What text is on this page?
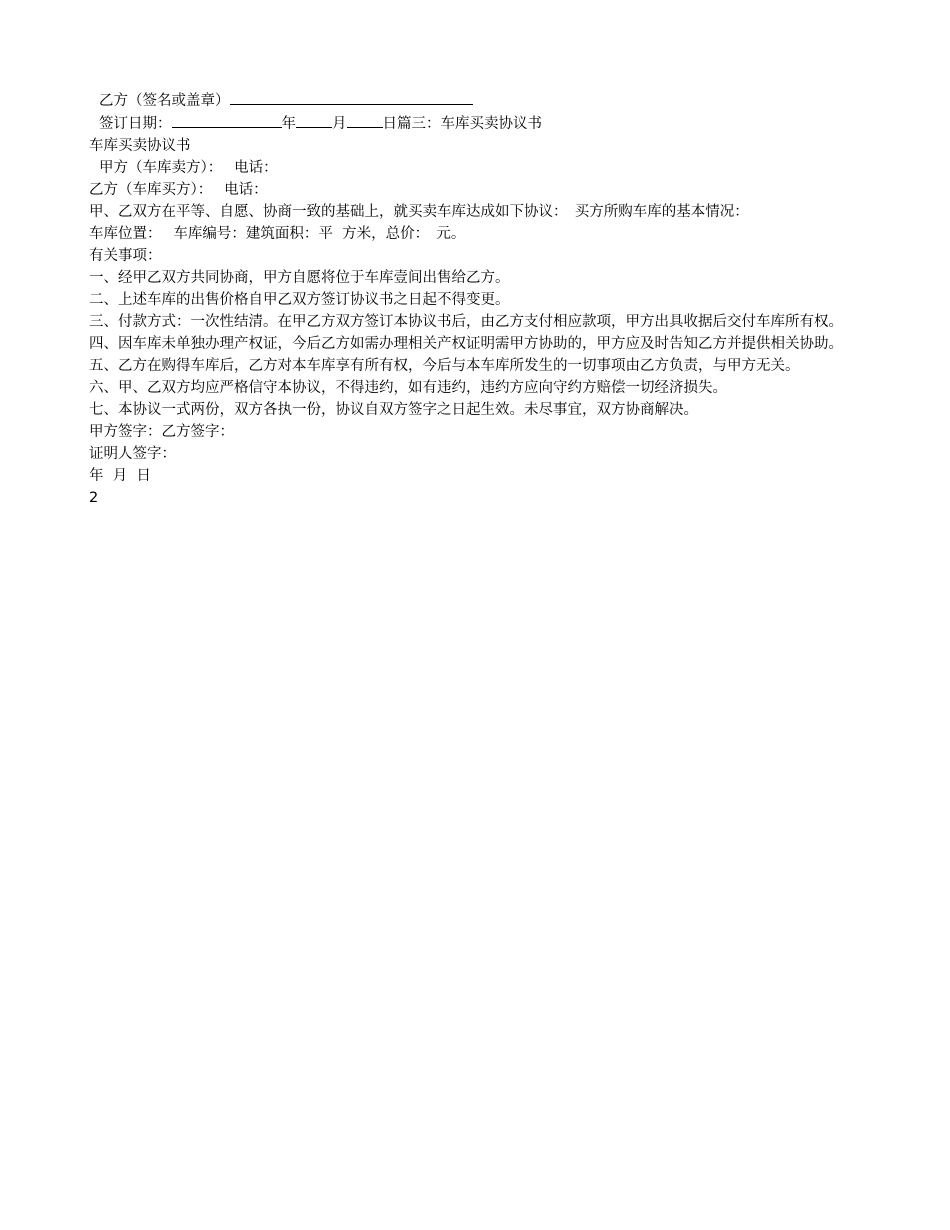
乙方（签名或盖章）

签订日期：	年 月 日篇三：车库买卖协议书

车库买卖协议书

甲方（车库卖方）：　 电话：

乙方（车库买方）：　 电话：

甲、乙双方在平等、自愿、协商一致的基础上，就买卖车库达成如下协议：　买方所购车库的基本情况：

车库位置：　 车库编号：建筑面积：平  方米，总价：　元。

有关事项：

一、经甲乙双方共同协商，甲方自愿将位于车库壹间出售给乙方。

二、上述车库的出售价格自甲乙双方签订协议书之日起不得变更。

三、付款方式：一次性结清。在甲乙方双方签订本协议书后，由乙方支付相应款项，甲方出具收据后交付车库所有权。

四、因车库未单独办理产权证，今后乙方如需办理相关产权证明需甲方协助的，甲方应及时告知乙方并提供相关协助。

五、乙方在购得车库后，乙方对本车库享有所有权，今后与本车库所发生的一切事项由乙方负责，与甲方无关。

六、甲、乙双方均应严格信守本协议，不得违约，如有违约，违约方应向守约方赔偿一切经济损失。

七、本协议一式两份，双方各执一份，协议自双方签字之日起生效。未尽事宜，双方协商解决。

甲方签字：乙方签字：

证明人签字：

年  月  日

2
